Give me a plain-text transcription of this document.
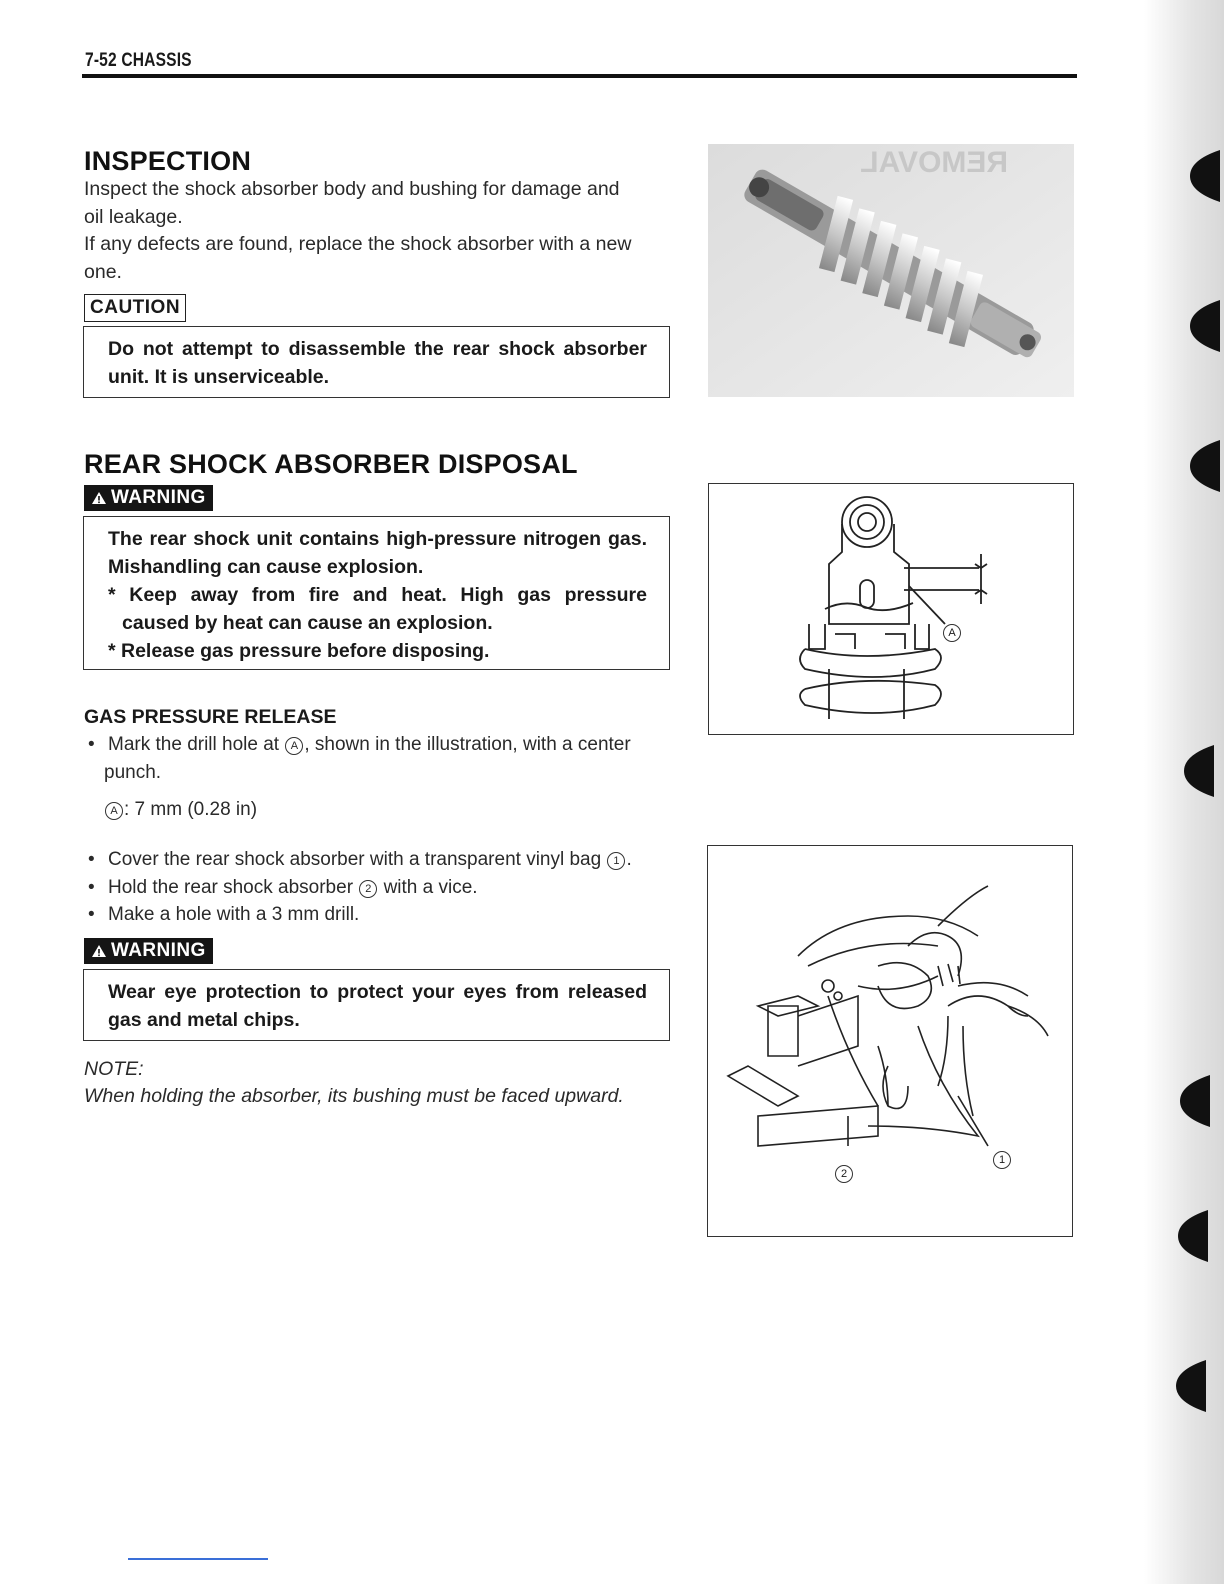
7-52 CHASSIS
INSPECTION
Inspect the shock absorber body and bushing for damage and
oil leakage.
If any defects are found, replace the shock absorber with a new
one.
CAUTION
Do not attempt to disassemble the rear shock absorber unit. It is unserviceable.
REMOVAL
REAR SHOCK ABSORBER DISPOSAL
WARNING
The rear shock unit contains high-pressure nitrogen gas. Mishandling can cause explosion.
* Keep away from fire and heat. High gas pressure
caused by heat can cause an explosion.
* Release gas pressure before disposing.
A
GAS PRESSURE RELEASE
• Mark the drill hole at A , shown in the illustration, with a center
punch.
A : 7 mm (0.28 in)
• Cover the rear shock absorber with a transparent vinyl bag 1 .
• Hold the rear shock absorber 2 with a vice.
• Make a hole with a 3 mm drill.
WARNING
Wear eye protection to protect your eyes from released gas and metal chips.
NOTE:
When holding the absorber, its bushing must be faced upward.
1
2
